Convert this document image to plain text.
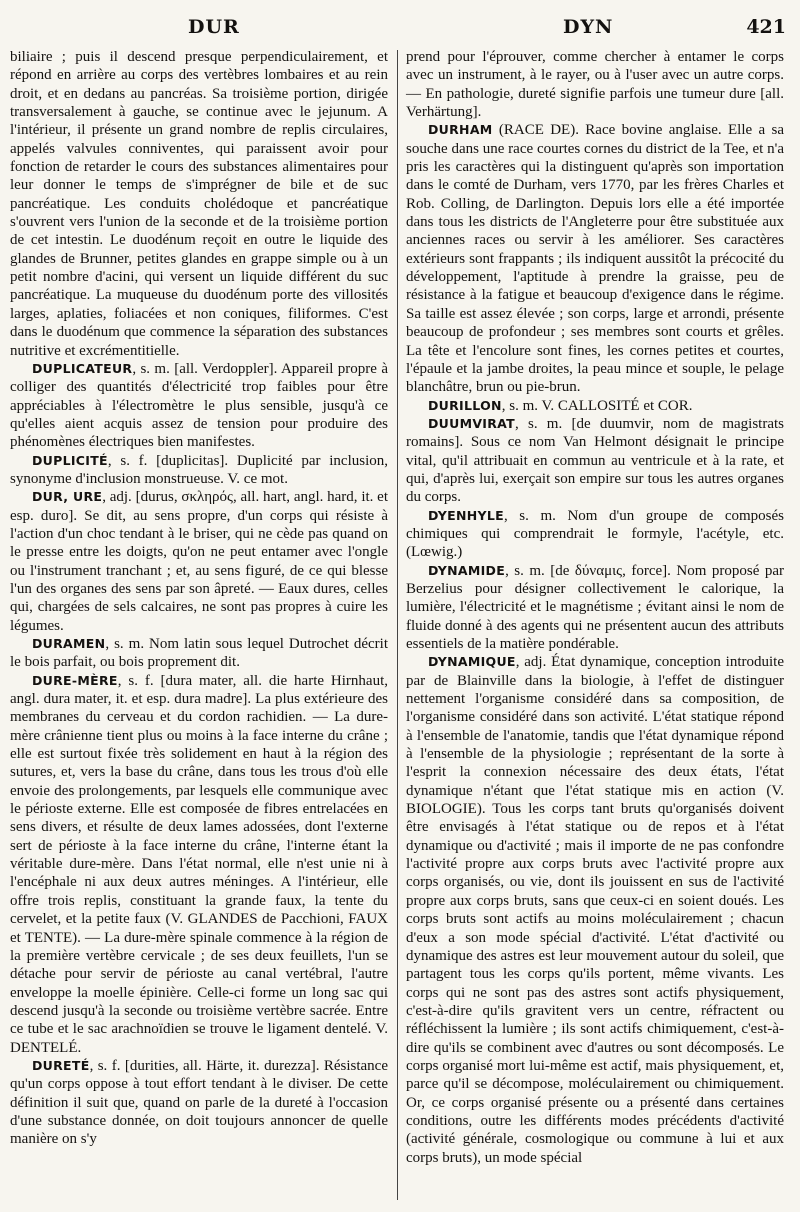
DUR	DYN	421

biliaire ; puis il descend presque perpendiculairement, et répond en arrière au corps des vertèbres lombaires et au rein droit, et en dedans au pancréas. Sa troisième portion, dirigée transversalement à gauche, se continue avec le jejunum. A l'intérieur, il présente un grand nombre de replis circulaires, appelés valvules conniventes, qui paraissent avoir pour fonction de retarder le cours des substances alimentaires pour leur donner le temps de s'imprégner de bile et de suc pancréatique. Les conduits cholédoque et pancréatique s'ouvrent vers l'union de la seconde et de la troisième portion de cet intestin. Le duodénum reçoit en outre le liquide des glandes de Brunner, petites glandes en grappe simple ou à un petit nombre d'acini, qui versent un liquide différent du suc pancréatique. La muqueuse du duodénum porte des villosités larges, aplaties, foliacées et non coniques, filiformes. C'est dans le duodénum que commence la séparation des substances nutritive et excrémentitielle.

DUPLICATEUR, s. m. [all. Verdoppler]. Appareil propre à colliger des quantités d'électricité trop faibles pour être appréciables à l'électromètre le plus sensible, jusqu'à ce qu'elles aient acquis assez de tension pour produire des phénomènes électriques bien manifestes.

DUPLICITÉ, s. f. [duplicitas]. Duplicité par inclusion, synonyme d'inclusion monstrueuse. V. ce mot.

DUR, URE, adj. [durus, σκληρός, all. hart, angl. hard, it. et esp. duro]. Se dit, au sens propre, d'un corps qui résiste à l'action d'un choc tendant à le briser, qui ne cède pas quand on le presse entre les doigts, qu'on ne peut entamer avec l'ongle ou l'instrument tranchant ; et, au sens figuré, de ce qui blesse l'un des organes des sens par son âpreté. — Eaux dures, celles qui, chargées de sels calcaires, ne sont pas propres à cuire les légumes.

DURAMEN, s. m. Nom latin sous lequel Dutrochet décrit le bois parfait, ou bois proprement dit.

DURE-MÈRE, s. f. [dura mater, all. die harte Hirnhaut, angl. dura mater, it. et esp. dura madre]. La plus extérieure des membranes du cerveau et du cordon rachidien. — La dure-mère crânienne tient plus ou moins à la face interne du crâne ; elle est surtout fixée très solidement en haut à la région des sutures, et, vers la base du crâne, dans tous les trous d'où elle envoie des prolongements, par lesquels elle communique avec le périoste externe. Elle est composée de fibres entrelacées en sens divers, et résulte de deux lames adossées, dont l'externe sert de périoste à la face interne du crâne, l'interne étant la véritable dure-mère. Dans l'état normal, elle n'est unie ni à l'encéphale ni aux deux autres méninges. A l'intérieur, elle offre trois replis, constituant la grande faux, la tente du cervelet, et la petite faux (V. GLANDES de Pacchioni, FAUX et TENTE). — La dure-mère spinale commence à la région de la première vertèbre cervicale ; de ses deux feuillets, l'un se détache pour servir de périoste au canal vertébral, l'autre enveloppe la moelle épinière. Celle-ci forme un long sac qui descend jusqu'à la seconde ou troisième vertèbre sacrée. Entre ce tube et le sac arachnoïdien se trouve le ligament dentelé. V. DENTELÉ.

DURETÉ, s. f. [durities, all. Härte, it. durezza]. Résistance qu'un corps oppose à tout effort tendant à le diviser. De cette définition il suit que, quand on parle de la dureté à l'occasion d'une substance donnée, on doit toujours annoncer de quelle manière on s'y

prend pour l'éprouver, comme chercher à entamer le corps avec un instrument, à le rayer, ou à l'user avec un autre corps. — En pathologie, dureté signifie parfois une tumeur dure [all. Verhärtung].

DURHAM (RACE DE). Race bovine anglaise. Elle a sa souche dans une race courtes cornes du district de la Tee, et n'a pris les caractères qui la distinguent qu'après son importation dans le comté de Durham, vers 1770, par les frères Charles et Rob. Colling, de Darlington. Depuis lors elle a été importée dans tous les districts de l'Angleterre pour être substituée aux anciennes races ou servir à les améliorer. Ses caractères extérieurs sont frappants ; ils indiquent aussitôt la précocité du développement, l'aptitude à prendre la graisse, peu de résistance à la fatigue et beaucoup d'exigence dans le régime. Sa taille est assez élevée ; son corps, large et arrondi, présente beaucoup de profondeur ; ses membres sont courts et grêles. La tête et l'encolure sont fines, les cornes petites et courtes, l'épaule et la jambe droites, la peau mince et souple, le pelage blanchâtre, brun ou pie-brun.

DURILLON, s. m. V. CALLOSITÉ et COR.

DUUMVIRAT, s. m. [de duumvir, nom de magistrats romains]. Sous ce nom Van Helmont désignait le principe vital, qu'il attribuait en commun au ventricule et à la rate, et qui, d'après lui, exerçait son empire sur tous les autres organes du corps.

DYENHYLE, s. m. Nom d'un groupe de composés chimiques qui comprendrait le formyle, l'acétyle, etc. (Lœwig.)

DYNAMIDE, s. m. [de δύναμις, force]. Nom proposé par Berzelius pour désigner collectivement le calorique, la lumière, l'électricité et le magnétisme ; évitant ainsi le nom de fluide donné à des agents qui ne présentent aucun des attributs essentiels de la matière pondérable.

DYNAMIQUE, adj. État dynamique, conception introduite par de Blainville dans la biologie, à l'effet de distinguer nettement l'organisme considéré dans sa composition, de l'organisme considéré dans son activité. L'état statique répond à l'ensemble de l'anatomie, tandis que l'état dynamique répond à l'ensemble de la physiologie ; représentant de la sorte à l'esprit la connexion nécessaire des deux états, l'état dynamique n'étant que l'état statique mis en action (V. BIOLOGIE). Tous les corps tant bruts qu'organisés doivent être envisagés à l'état statique ou de repos et à l'état dynamique ou d'activité ; mais il importe de ne pas confondre l'activité propre aux corps bruts avec l'activité propre aux corps organisés, ou vie, dont ils jouissent en sus de l'activité propre aux corps bruts, sans que ceux-ci en soient doués. Les corps bruts sont actifs au moins moléculairement ; chacun d'eux a son mode spécial d'activité. L'état d'activité ou dynamique des astres est leur mouvement autour du soleil, que partagent tous les corps qu'ils portent, même vivants. Les corps qui ne sont pas des astres sont actifs physiquement, c'est-à-dire qu'ils gravitent vers un centre, réfractent ou réfléchissent la lumière ; ils sont actifs chimiquement, c'est-à-dire qu'ils se combinent avec d'autres ou sont décomposés. Le corps organisé mort lui-même est actif, mais physiquement, et, parce qu'il se décompose, moléculairement ou chimiquement. Or, ce corps organisé présente ou a présenté dans certaines conditions, outre les différents modes précédents d'activité (activité générale, cosmologique ou commune à lui et aux corps bruts), un mode spécial
